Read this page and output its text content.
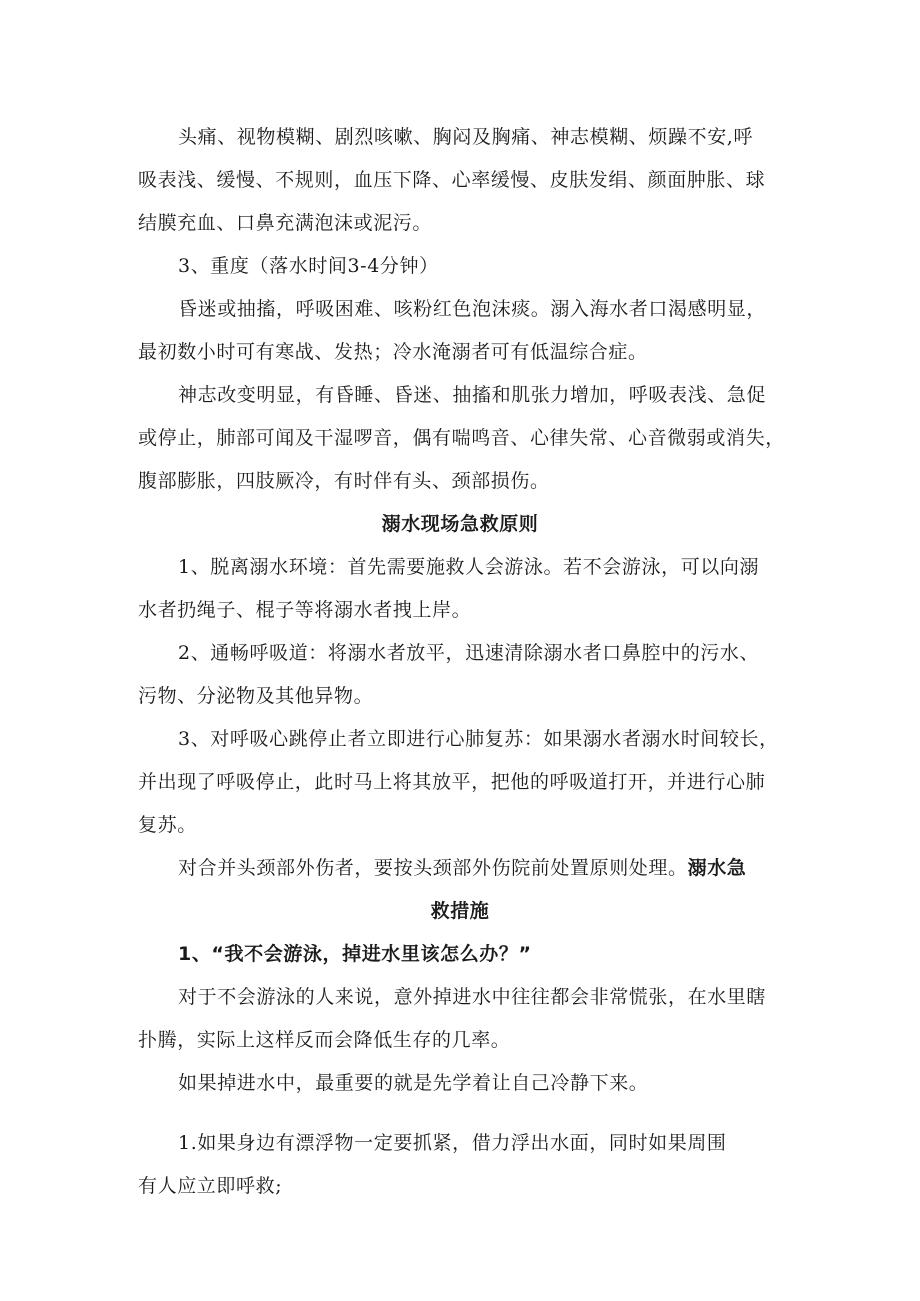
头痛、视物模糊、剧烈咳嗽、胸闷及胸痛、神志模糊、烦躁不安,呼
吸表浅、缓慢、不规则，血压下降、心率缓慢、皮肤发绢、颜面肿胀、球
结膜充血、口鼻充满泡沫或泥污。
3、重度（落水时间3-4分钟）
昏迷或抽搐，呼吸困难、咳粉红色泡沫痰。溺入海水者口渴感明显，
最初数小时可有寒战、发热；冷水淹溺者可有低温综合症。
神志改变明显，有昏睡、昏迷、抽搐和肌张力增加，呼吸表浅、急促
或停止，肺部可闻及干湿啰音，偶有喘鸣音、心律失常、心音微弱或消失，
腹部膨胀，四肢厥冷，有时伴有头、颈部损伤。
溺水现场急救原则
1、脱离溺水环境：首先需要施救人会游泳。若不会游泳，可以向溺
水者扔绳子、棍子等将溺水者拽上岸。
2、通畅呼吸道：将溺水者放平，迅速清除溺水者口鼻腔中的污水、
污物、分泌物及其他异物。
3、对呼吸心跳停止者立即进行心肺复苏：如果溺水者溺水时间较长，
并出现了呼吸停止，此时马上将其放平，把他的呼吸道打开，并进行心肺
复苏。
对合并头颈部外伤者，要按头颈部外伤院前处置原则处理。溺水急
救措施
1、“我不会游泳，掉进水里该怎么办？”
对于不会游泳的人来说，意外掉进水中往往都会非常慌张，在水里瞎
扑腾，实际上这样反而会降低生存的几率。
如果掉进水中，最重要的就是先学着让自己冷静下来。
1.如果身边有漂浮物一定要抓紧，借力浮出水面，同时如果周围
有人应立即呼救;
